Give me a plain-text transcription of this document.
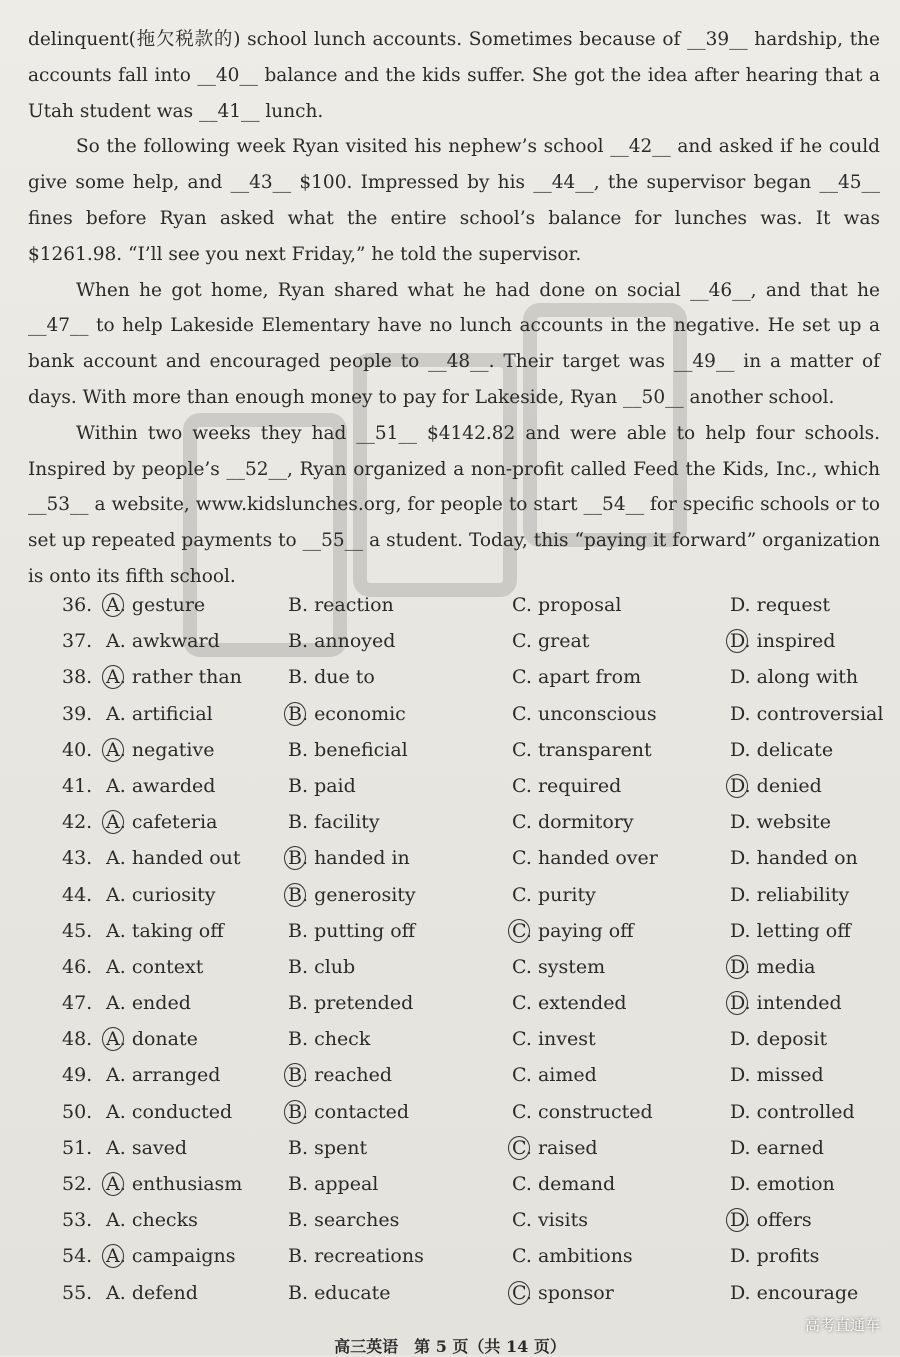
delinquent(拖欠税款的) school lunch accounts. Sometimes because of __39__ hardship, the accounts fall into __40__ balance and the kids suffer. She got the idea after hearing that a Utah student was __41__ lunch.

So the following week Ryan visited his nephew’s school __42__ and asked if he could give some help, and __43__ $100. Impressed by his __44__, the supervisor began __45__ fines before Ryan asked what the entire school’s balance for lunches was. It was $1261.98. “I’ll see you next Friday,” he told the supervisor.

When he got home, Ryan shared what he had done on social __46__, and that he __47__ to help Lakeside Elementary have no lunch accounts in the negative. He set up a bank account and encouraged people to __48__. Their target was __49__ in a matter of days. With more than enough money to pay for Lakeside, Ryan __50__ another school.

Within two weeks they had __51__ $4142.82 and were able to help four schools. Inspired by people’s __52__, Ryan organized a non-profit called Feed the Kids, Inc., which __53__ a website, www.kidslunches.org, for people to start __54__ for specific schools or to set up repeated payments to __55__ a student. Today, this “paying it forward” organization is onto its fifth school.

36. A. gesture	B. reaction	C. proposal	D. request
37. A. awkward	B. annoyed	C. great	D. inspired
38. A. rather than B. due to	C. apart from	D. along with
39. A. artificial	B. economic	C. unconscious	D. controversial
40. A. negative	B. beneficial	C. transparent	D. delicate
41. A. awarded	B. paid	C. required	D. denied
42. A. cafeteria	B. facility	C. dormitory	D. website
43. A. handed out B. handed in	C. handed over	D. handed on
44. A. curiosity	B. generosity	C. purity	D. reliability
45. A. taking off	B. putting off	C. paying off	D. letting off
46. A. context	B. club	C. system	D. media
47. A. ended	B. pretended	C. extended	D. intended
48. A. donate	B. check	C. invest	D. deposit
49. A. arranged	B. reached	C. aimed	D. missed
50. A. conducted	B. contacted	C. constructed	D. controlled
51. A. saved	B. spent	C. raised	D. earned
52. A. enthusiasm B. appeal	C. demand	D. emotion
53. A. checks	B. searches	C. visits	D. offers
54. A. campaigns	B. recreations	C. ambitions	D. profits
55. A. defend	B. educate	C. sponsor	D. encourage
高三英语　第 5 页（共 14 页）
高考直通车
